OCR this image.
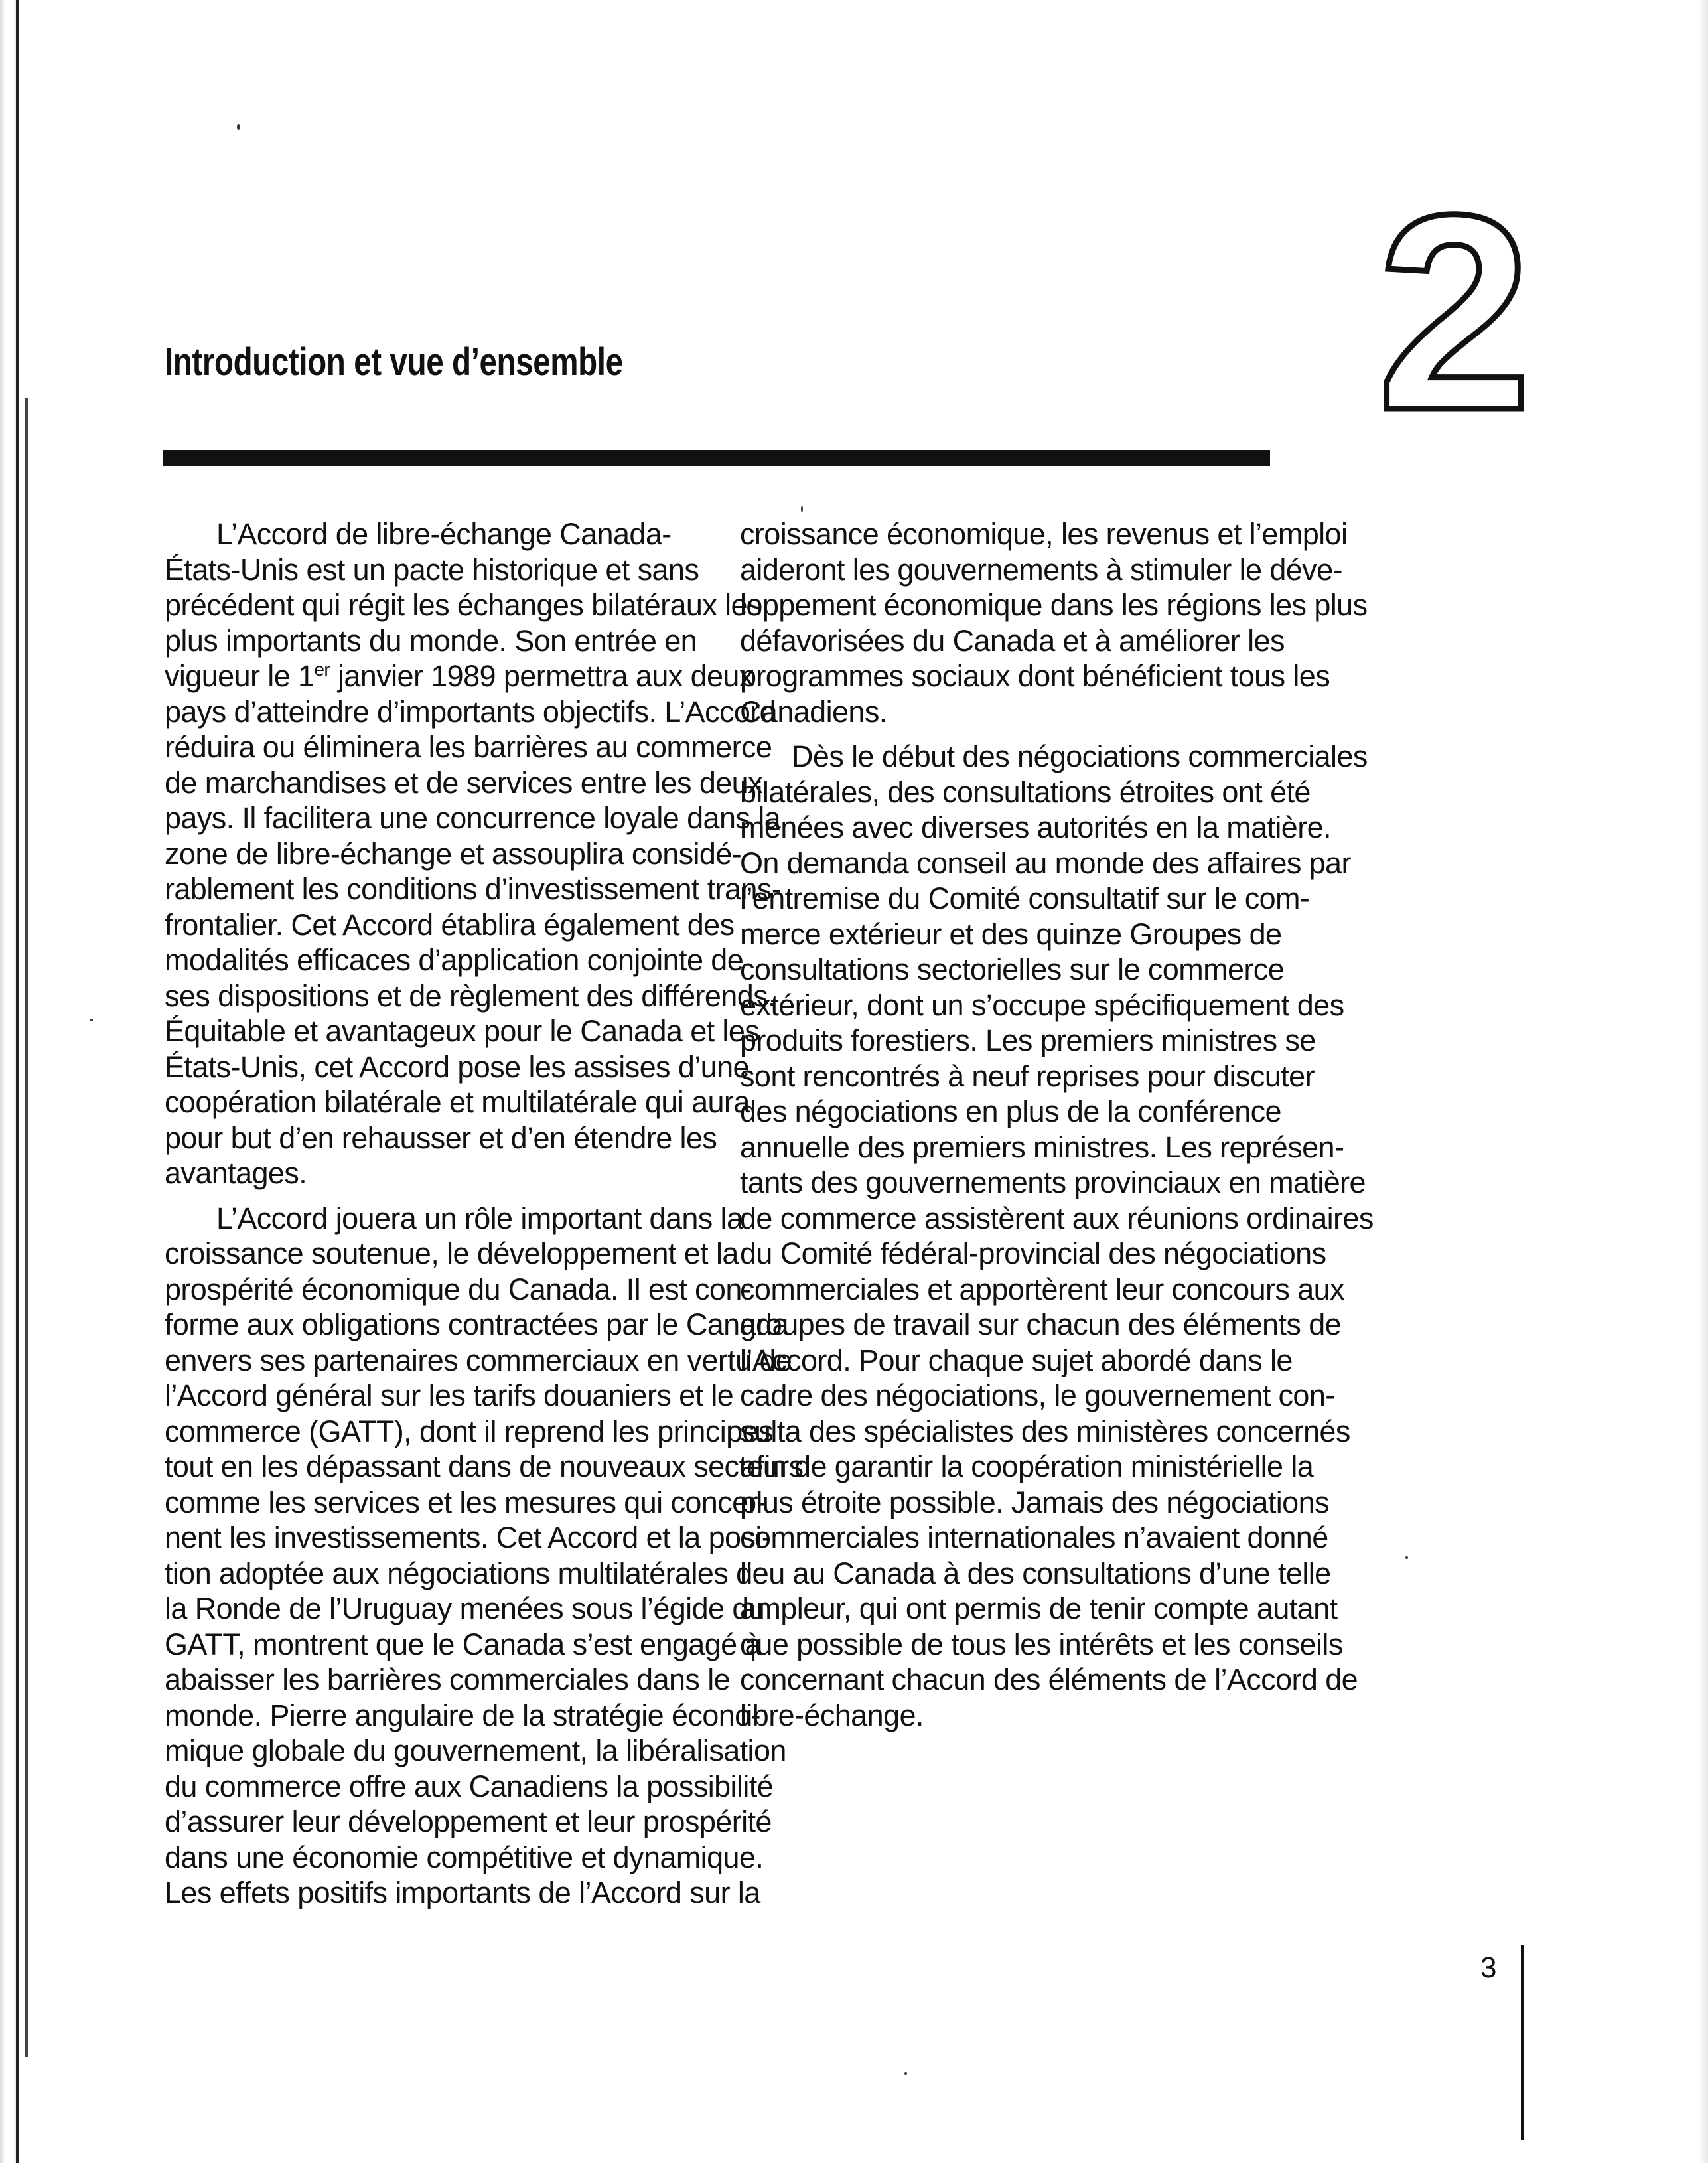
2
Introduction et vue d’ensemble

L’Accord de libre-échange Canada-
États-Unis est un pacte historique et sans
précédent qui régit les échanges bilatéraux les
plus importants du monde. Son entrée en
vigueur le 1er janvier 1989 permettra aux deux
pays d’atteindre d’importants objectifs. L’Accord
réduira ou éliminera les barrières au commerce
de marchandises et de services entre les deux
pays. Il facilitera une concurrence loyale dans la
zone de libre-échange et assouplira considé-
rablement les conditions d’investissement trans-
frontalier. Cet Accord établira également des
modalités efficaces d’application conjointe de
ses dispositions et de règlement des différends.
Équitable et avantageux pour le Canada et les
États-Unis, cet Accord pose les assises d’une
coopération bilatérale et multilatérale qui aura
pour but d’en rehausser et d’en étendre les
avantages.

L’Accord jouera un rôle important dans la
croissance soutenue, le développement et la
prospérité économique du Canada. Il est con-
forme aux obligations contractées par le Canada
envers ses partenaires commerciaux en vertu de
l’Accord général sur les tarifs douaniers et le
commerce (GATT), dont il reprend les principes
tout en les dépassant dans de nouveaux secteurs
comme les services et les mesures qui concer-
nent les investissements. Cet Accord et la posi-
tion adoptée aux négociations multilatérales de
la Ronde de l’Uruguay menées sous l’égide du
GATT, montrent que le Canada s’est engagé à
abaisser les barrières commerciales dans le
monde. Pierre angulaire de la stratégie écono-
mique globale du gouvernement, la libéralisation
du commerce offre aux Canadiens la possibilité
d’assurer leur développement et leur prospérité
dans une économie compétitive et dynamique.
Les effets positifs importants de l’Accord sur la

croissance économique, les revenus et l’emploi
aideront les gouvernements à stimuler le déve-
loppement économique dans les régions les plus
défavorisées du Canada et à améliorer les
programmes sociaux dont bénéficient tous les
Canadiens.

Dès le début des négociations commerciales
bilatérales, des consultations étroites ont été
menées avec diverses autorités en la matière.
On demanda conseil au monde des affaires par
l’entremise du Comité consultatif sur le com-
merce extérieur et des quinze Groupes de
consultations sectorielles sur le commerce
extérieur, dont un s’occupe spécifiquement des
produits forestiers. Les premiers ministres se
sont rencontrés à neuf reprises pour discuter
des négociations en plus de la conférence
annuelle des premiers ministres. Les représen-
tants des gouvernements provinciaux en matière
de commerce assistèrent aux réunions ordinaires
du Comité fédéral-provincial des négociations
commerciales et apportèrent leur concours aux
groupes de travail sur chacun des éléments de
l’Accord. Pour chaque sujet abordé dans le
cadre des négociations, le gouvernement con-
sulta des spécialistes des ministères concernés
afin de garantir la coopération ministérielle la
plus étroite possible. Jamais des négociations
commerciales internationales n’avaient donné
lieu au Canada à des consultations d’une telle
ampleur, qui ont permis de tenir compte autant
que possible de tous les intérêts et les conseils
concernant chacun des éléments de l’Accord de
libre-échange.

3
